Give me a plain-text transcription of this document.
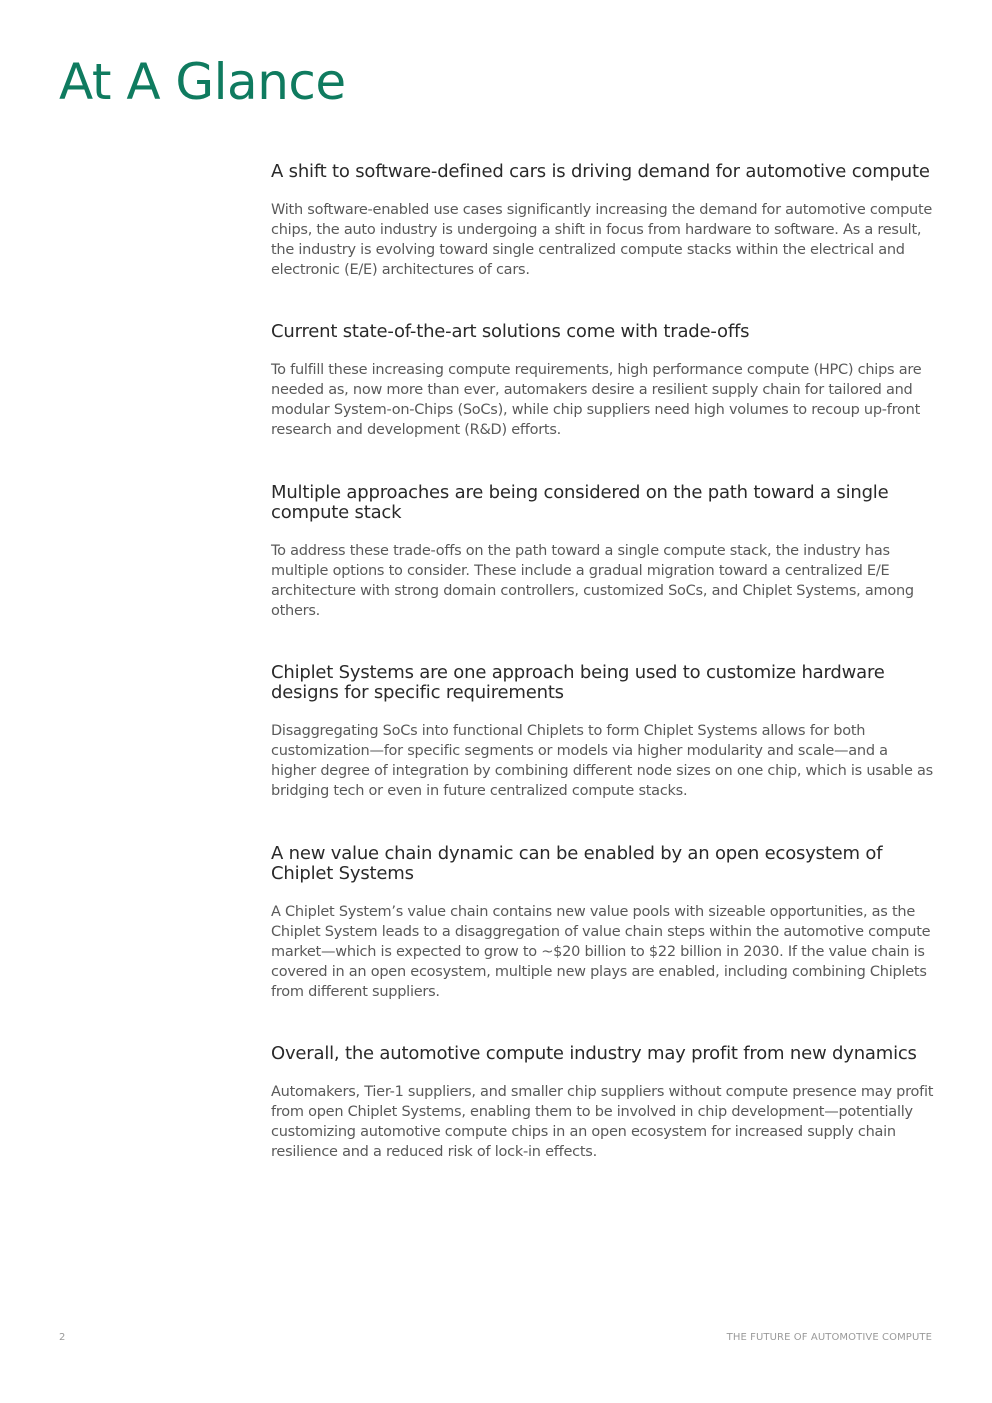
At A Glance
A shift to software-defined cars is driving demand for automotive compute

With software-enabled use cases significantly increasing the demand for automotive compute chips, the auto industry is undergoing a shift in focus from hardware to software. As a result, the industry is evolving toward single centralized compute stacks within the electrical and electronic (E/E) architectures of cars.

Current state-of-the-art solutions come with trade-offs

To fulfill these increasing compute requirements, high performance compute (HPC) chips are needed as, now more than ever, automakers desire a resilient supply chain for tailored and modular System-on-Chips (SoCs), while chip suppliers need high volumes to recoup up-front research and development (R&D) efforts.

Multiple approaches are being considered on the path toward a single compute stack

To address these trade-offs on the path toward a single compute stack, the industry has multiple options to consider. These include a gradual migration toward a centralized E/E architecture with strong domain controllers, customized SoCs, and Chiplet Systems, among others.

Chiplet Systems are one approach being used to customize hardware designs for specific requirements

Disaggregating SoCs into functional Chiplets to form Chiplet Systems allows for both customization—for specific segments or models via higher modularity and scale—and a higher degree of integration by combining different node sizes on one chip, which is usable as bridging tech or even in future centralized compute stacks.

A new value chain dynamic can be enabled by an open ecosystem of Chiplet Systems

A Chiplet System’s value chain contains new value pools with sizeable opportunities, as the Chiplet System leads to a disaggregation of value chain steps within the automotive compute market—which is expected to grow to ~$20 billion to $22 billion in 2030. If the value chain is covered in an open ecosystem, multiple new plays are enabled, including combining Chiplets from different suppliers.

Overall, the automotive compute industry may profit from new dynamics

Automakers, Tier-1 suppliers, and smaller chip suppliers without compute presence may profit from open Chiplet Systems, enabling them to be involved in chip development—potentially customizing automotive compute chips in an open ecosystem for increased supply chain resilience and a reduced risk of lock-in effects.

2	THE FUTURE OF AUTOMOTIVE COMPUTE
